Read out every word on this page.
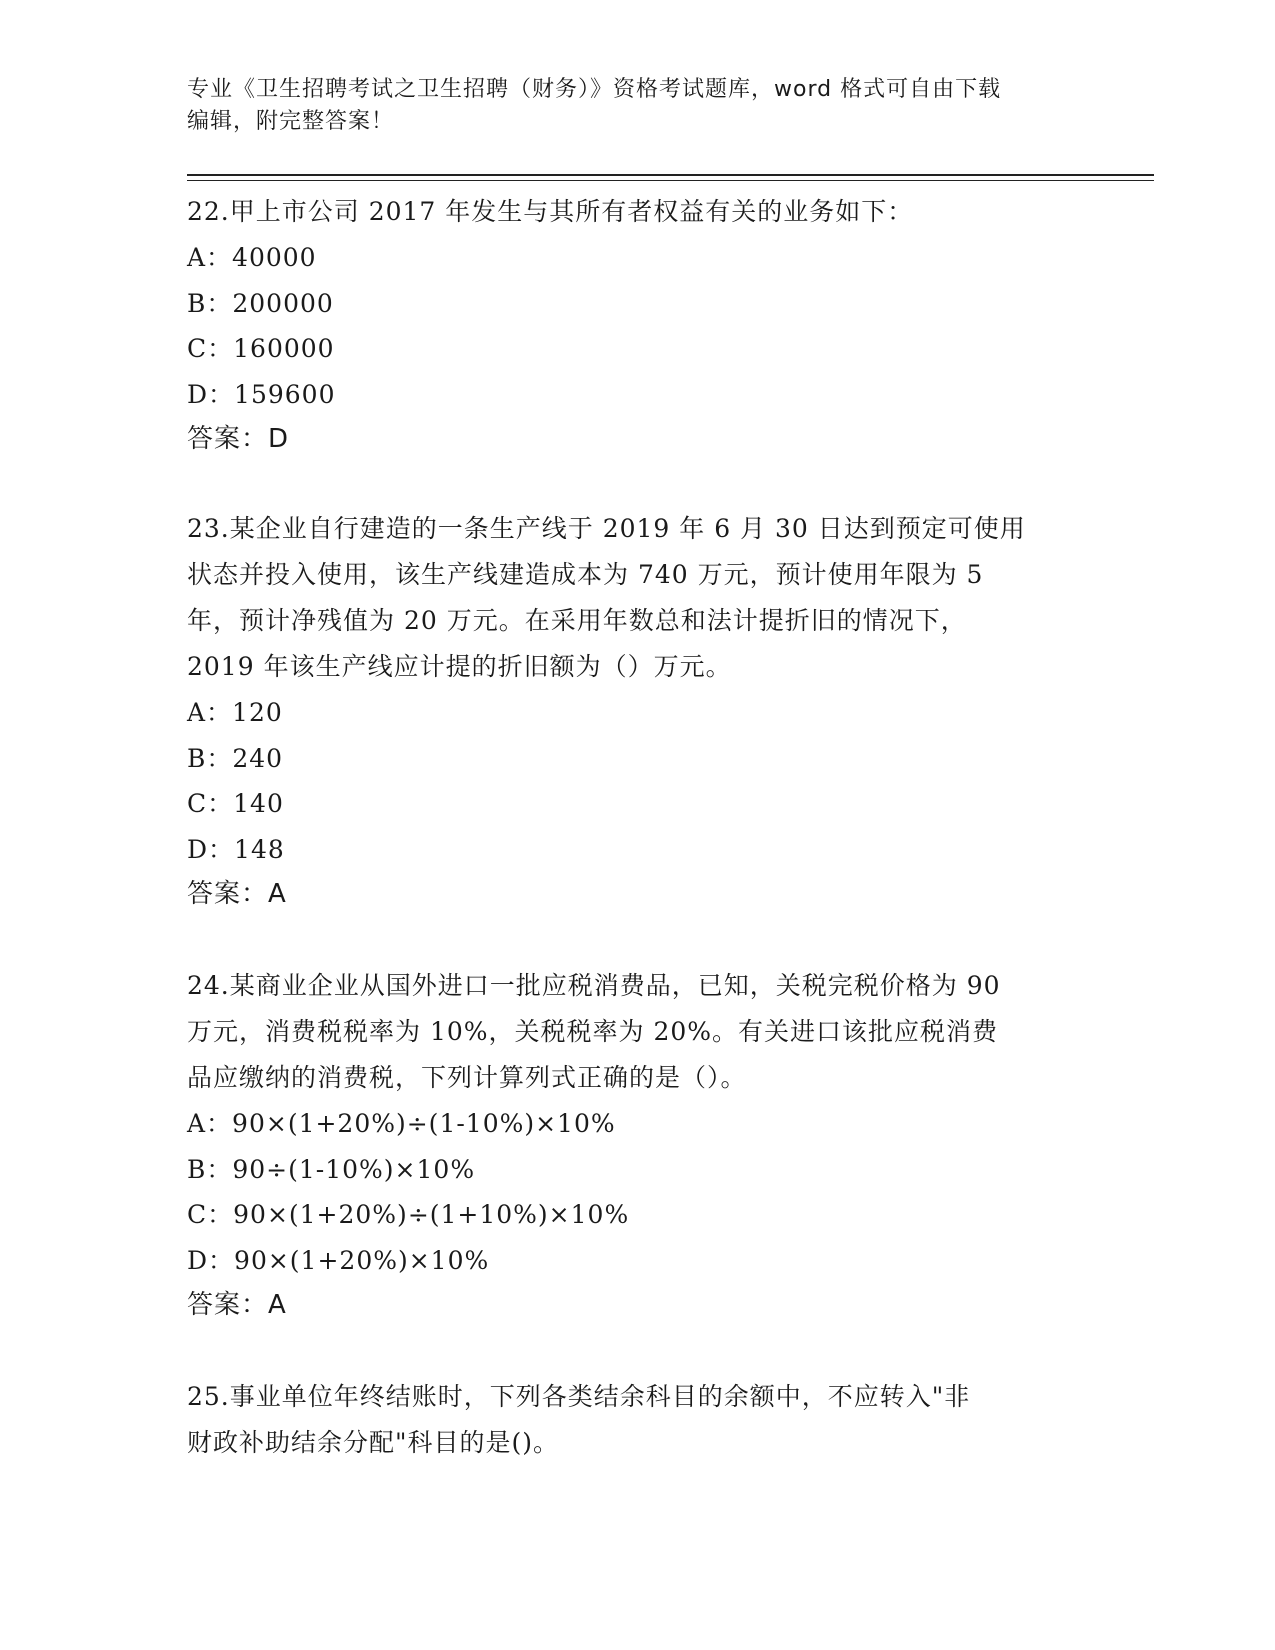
专业《卫生招聘考试之卫生招聘（财务）》资格考试题库，word 格式可自由下载
编辑，附完整答案！

22.甲上市公司 2017 年发生与其所有者权益有关的业务如下：

A：40000

B：200000

C：160000

D：159600

答案：D

23.某企业自行建造的一条生产线于 2019 年 6 月 30 日达到预定可使用

状态并投入使用，该生产线建造成本为 740 万元，预计使用年限为 5

年，预计净残值为 20 万元。在采用年数总和法计提折旧的情况下，

2019 年该生产线应计提的折旧额为（）万元。

A：120

B：240

C：140

D：148

答案：A

24.某商业企业从国外进口一批应税消费品，已知，关税完税价格为 90

万元，消费税税率为 10%，关税税率为 20%。有关进口该批应税消费

品应缴纳的消费税，下列计算列式正确的是（）。

A：90×(1+20%)÷(1-10%)×10%

B：90÷(1-10%)×10%

C：90×(1+20%)÷(1+10%)×10%

D：90×(1+20%)×10%

答案：A

25.事业单位年终结账时，下列各类结余科目的余额中，不应转入"非

财政补助结余分配"科目的是()。
